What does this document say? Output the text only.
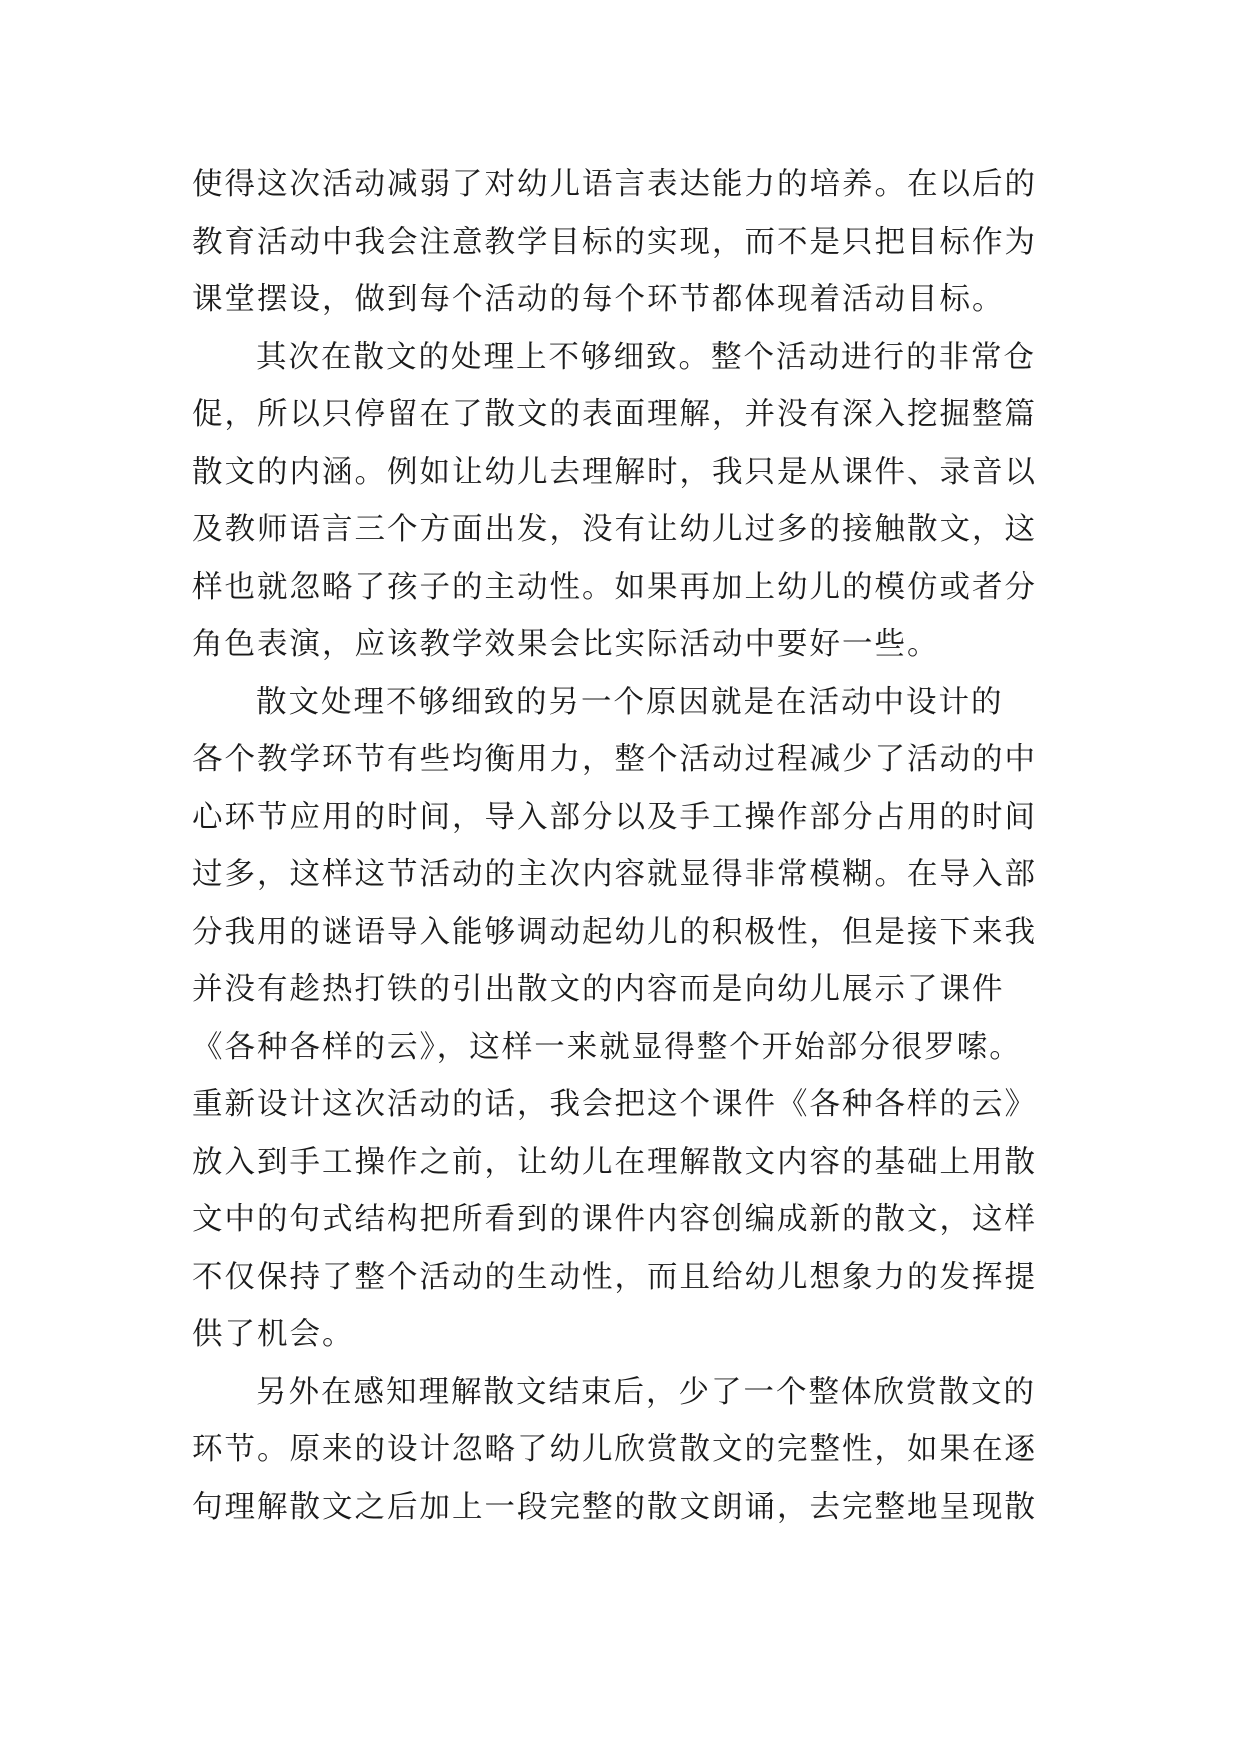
使得这次活动减弱了对幼儿语言表达能力的培养。在以后的
教育活动中我会注意教学目标的实现，而不是只把目标作为
课堂摆设，做到每个活动的每个环节都体现着活动目标。
其次在散文的处理上不够细致。整个活动进行的非常仓
促，所以只停留在了散文的表面理解，并没有深入挖掘整篇
散文的内涵。例如让幼儿去理解时，我只是从课件、录音以
及教师语言三个方面出发，没有让幼儿过多的接触散文，这
样也就忽略了孩子的主动性。如果再加上幼儿的模仿或者分
角色表演，应该教学效果会比实际活动中要好一些。
散文处理不够细致的另一个原因就是在活动中设计的
各个教学环节有些均衡用力，整个活动过程减少了活动的中
心环节应用的时间，导入部分以及手工操作部分占用的时间
过多，这样这节活动的主次内容就显得非常模糊。在导入部
分我用的谜语导入能够调动起幼儿的积极性，但是接下来我
并没有趁热打铁的引出散文的内容而是向幼儿展示了课件
《各种各样的云》，这样一来就显得整个开始部分很罗嗦。
重新设计这次活动的话，我会把这个课件《各种各样的云》
放入到手工操作之前，让幼儿在理解散文内容的基础上用散
文中的句式结构把所看到的课件内容创编成新的散文，这样
不仅保持了整个活动的生动性，而且给幼儿想象力的发挥提
供了机会。
另外在感知理解散文结束后，少了一个整体欣赏散文的
环节。原来的设计忽略了幼儿欣赏散文的完整性，如果在逐
句理解散文之后加上一段完整的散文朗诵，去完整地呈现散
